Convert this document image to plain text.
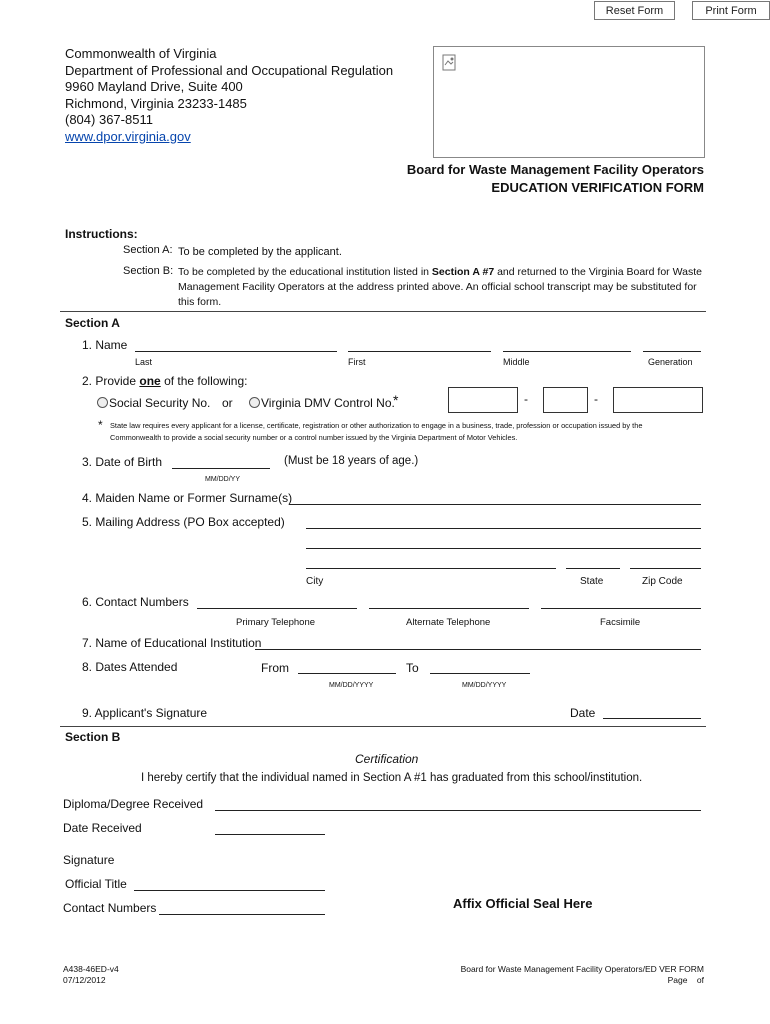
Reset Form	Print Form
Commonwealth of Virginia
Department of Professional and Occupational Regulation
9960 Mayland Drive, Suite 400
Richmond, Virginia 23233-1485
(804) 367-8511
www.dpor.virginia.gov
Board for Waste Management Facility Operators
EDUCATION VERIFICATION FORM
Instructions:
Section A: To be completed by the applicant.
Section B: To be completed by the educational institution listed in Section A #7 and returned to the Virginia Board for Waste Management Facility Operators at the address printed above. An official school transcript may be substituted for this form.
Section A
1. Name
Last	First	Middle	Generation
2. Provide one of the following:
Social Security No. or	Virginia DMV Control No.
*	-	-
* State law requires every applicant for a license, certificate, registration or other authorization to engage in a business, trade, profession or occupation issued by the
Commonwealth to provide a social security number or a control number issued by the Virginia Department of Motor Vehicles.
3. Date of Birth	(Must be 18 years of age.)
MM/DD/YY
4. Maiden Name or Former Surname(s)
5. Mailing Address (PO Box accepted)
City	State	Zip Code
6. Contact Numbers
Primary Telephone	Alternate Telephone	Facsimile
7. Name of Educational Institution
8. Dates Attended	From	To
MM/DD/YYYY	MM/DD/YYYY
9. Applicant's Signature	Date
Section B
Certification
I hereby certify that the individual named in Section A #1 has graduated from this school/institution.
Diploma/Degree Received
Date Received
Signature
Official Title
Contact Numbers	Affix Official Seal Here
A438-46ED-v4
07/12/2012
Board for Waste Management Facility Operators/ED VER FORM
Page    of
